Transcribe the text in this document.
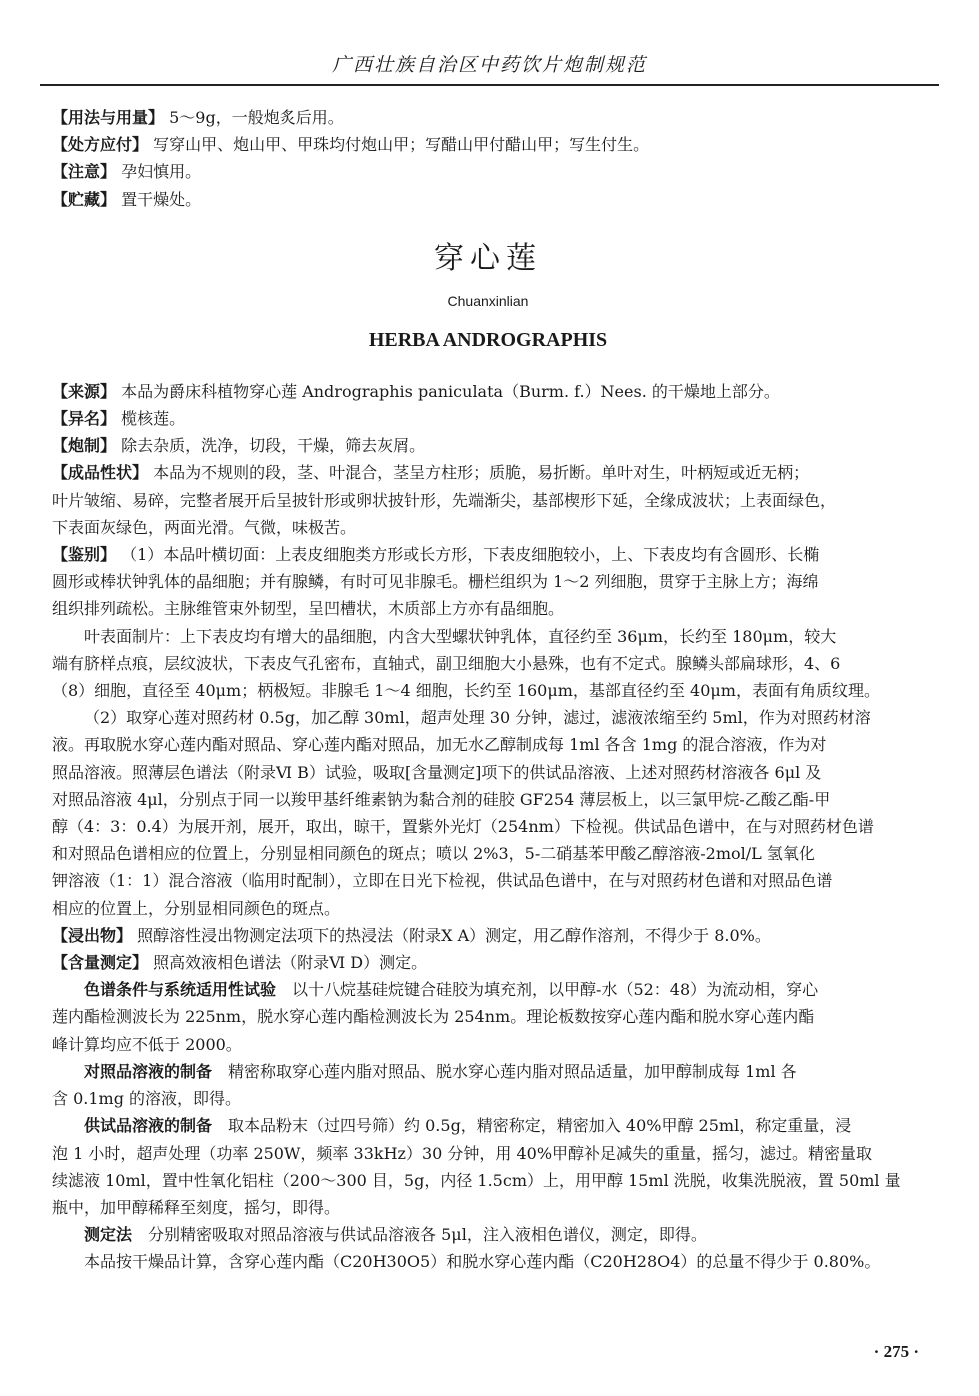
广西壮族自治区中药饮片炮制规范

【用法与用量】 5～9g，一般炮炙后用。

【处方应付】 写穿山甲、炮山甲、甲珠均付炮山甲；写醋山甲付醋山甲；写生付生。

【注意】 孕妇慎用。

【贮藏】 置干燥处。

穿心莲
Chuanxinlian
HERBA ANDROGRAPHIS

【来源】 本品为爵床科植物穿心莲 Andrographis paniculata（Burm. f.）Nees. 的干燥地上部分。

【异名】 榄核莲。

【炮制】 除去杂质，洗净，切段，干燥，筛去灰屑。

【成品性状】 本品为不规则的段，茎、叶混合，茎呈方柱形；质脆，易折断。单叶对生，叶柄短或近无柄；

叶片皱缩、易碎，完整者展开后呈披针形或卵状披针形，先端渐尖，基部楔形下延，全缘成波状；上表面绿色，

下表面灰绿色，两面光滑。气微，味极苦。

【鉴别】 （1）本品叶横切面：上表皮细胞类方形或长方形，下表皮细胞较小，上、下表皮均有含圆形、长椭

圆形或棒状钟乳体的晶细胞；并有腺鳞，有时可见非腺毛。栅栏组织为 1～2 列细胞，贯穿于主脉上方；海绵

组织排列疏松。主脉维管束外韧型，呈凹槽状，木质部上方亦有晶细胞。

叶表面制片：上下表皮均有增大的晶细胞，内含大型螺状钟乳体，直径约至 36μm，长约至 180μm，较大

端有脐样点痕，层纹波状，下表皮气孔密布，直轴式，副卫细胞大小悬殊，也有不定式。腺鳞头部扁球形，4、6

（8）细胞，直径至 40μm；柄极短。非腺毛 1～4 细胞，长约至 160μm，基部直径约至 40μm，表面有角质纹理。

（2）取穿心莲对照药材 0.5g，加乙醇 30ml，超声处理 30 分钟，滤过，滤液浓缩至约 5ml，作为对照药材溶

液。再取脱水穿心莲内酯对照品、穿心莲内酯对照品，加无水乙醇制成每 1ml 各含 1mg 的混合溶液，作为对

照品溶液。照薄层色谱法（附录Ⅵ B）试验，吸取[含量测定]项下的供试品溶液、上述对照药材溶液各 6μl 及

对照品溶液 4μl，分别点于同一以羧甲基纤维素钠为黏合剂的硅胶 GF254 薄层板上，以三氯甲烷-乙酸乙酯-甲

醇（4：3：0.4）为展开剂，展开，取出，晾干，置紫外光灯（254nm）下检视。供试品色谱中，在与对照药材色谱

和对照品色谱相应的位置上，分别显相同颜色的斑点；喷以 2%3，5-二硝基苯甲酸乙醇溶液-2mol/L 氢氧化

钾溶液（1：1）混合溶液（临用时配制），立即在日光下检视，供试品色谱中，在与对照药材色谱和对照品色谱

相应的位置上，分别显相同颜色的斑点。

【浸出物】 照醇溶性浸出物测定法项下的热浸法（附录Ⅹ A）测定，用乙醇作溶剂，不得少于 8.0%。

【含量测定】 照高效液相色谱法（附录Ⅵ D）测定。

色谱条件与系统适用性试验　 以十八烷基硅烷键合硅胶为填充剂，以甲醇-水（52：48）为流动相，穿心

莲内酯检测波长为 225nm，脱水穿心莲内酯检测波长为 254nm。理论板数按穿心莲内酯和脱水穿心莲内酯

峰计算均应不低于 2000。

对照品溶液的制备　 精密称取穿心莲内脂对照品、脱水穿心莲内脂对照品适量，加甲醇制成每 1ml 各

含 0.1mg 的溶液，即得。

供试品溶液的制备　 取本品粉末（过四号筛）约 0.5g，精密称定，精密加入 40%甲醇 25ml，称定重量，浸

泡 1 小时，超声处理（功率 250W，频率 33kHz）30 分钟，用 40%甲醇补足减失的重量，摇匀，滤过。精密量取

续滤液 10ml，置中性氧化铝柱（200～300 目，5g，内径 1.5cm）上，用甲醇 15ml 洗脱，收集洗脱液，置 50ml 量

瓶中，加甲醇稀释至刻度，摇匀，即得。

测定法　 分别精密吸取对照品溶液与供试品溶液各 5μl，注入液相色谱仪，测定，即得。

本品按干燥品计算，含穿心莲内酯（C20H30O5）和脱水穿心莲内酯（C20H28O4）的总量不得少于 0.80%。

· 275 ·
